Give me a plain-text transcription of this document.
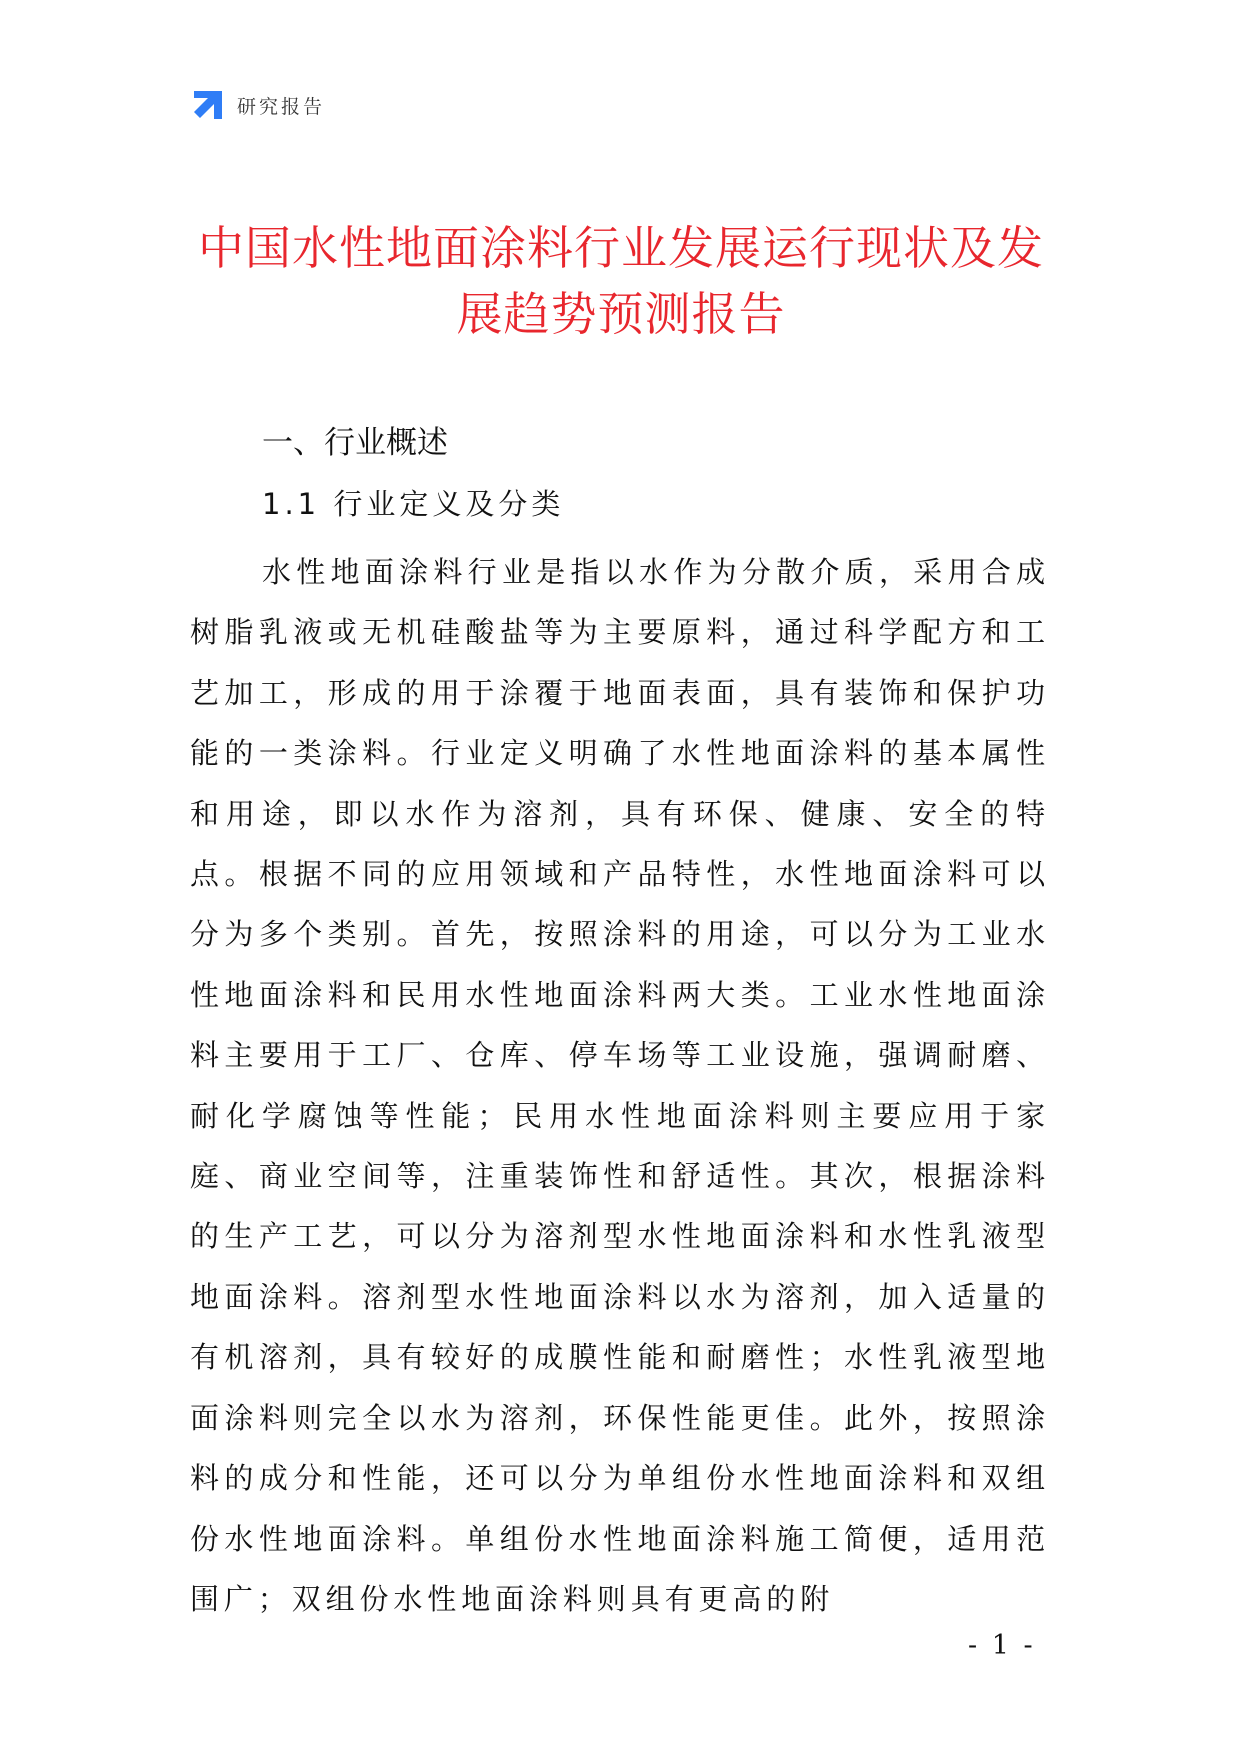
研究报告
中国水性地面涂料行业发展运行现状及发展趋势预测报告
一、行业概述
1.1 行业定义及分类

水性地面涂料行业是指以水作为分散介质，采用合成树脂乳液或无机硅酸盐等为主要原料，通过科学配方和工艺加工，形成的用于涂覆于地面表面，具有装饰和保护功能的一类涂料。行业定义明确了水性地面涂料的基本属性和用途，即以水作为溶剂，具有环保、健康、安全的特点。根据不同的应用领域和产品特性，水性地面涂料可以分为多个类别。首先，按照涂料的用途，可以分为工业水性地面涂料和民用水性地面涂料两大类。工业水性地面涂料主要用于工厂、仓库、停车场等工业设施，强调耐磨、耐化学腐蚀等性能；民用水性地面涂料则主要应用于家庭、商业空间等，注重装饰性和舒适性。其次，根据涂料的生产工艺，可以分为溶剂型水性地面涂料和水性乳液型地面涂料。溶剂型水性地面涂料以水为溶剂，加入适量的有机溶剂，具有较好的成膜性能和耐磨性；水性乳液型地面涂料则完全以水为溶剂，环保性能更佳。此外，按照涂料的成分和性能，还可以分为单组份水性地面涂料和双组份水性地面涂料。单组份水性地面涂料施工简便，适用范围广；双组份水性地面涂料则具有更高的附

- 1 -
